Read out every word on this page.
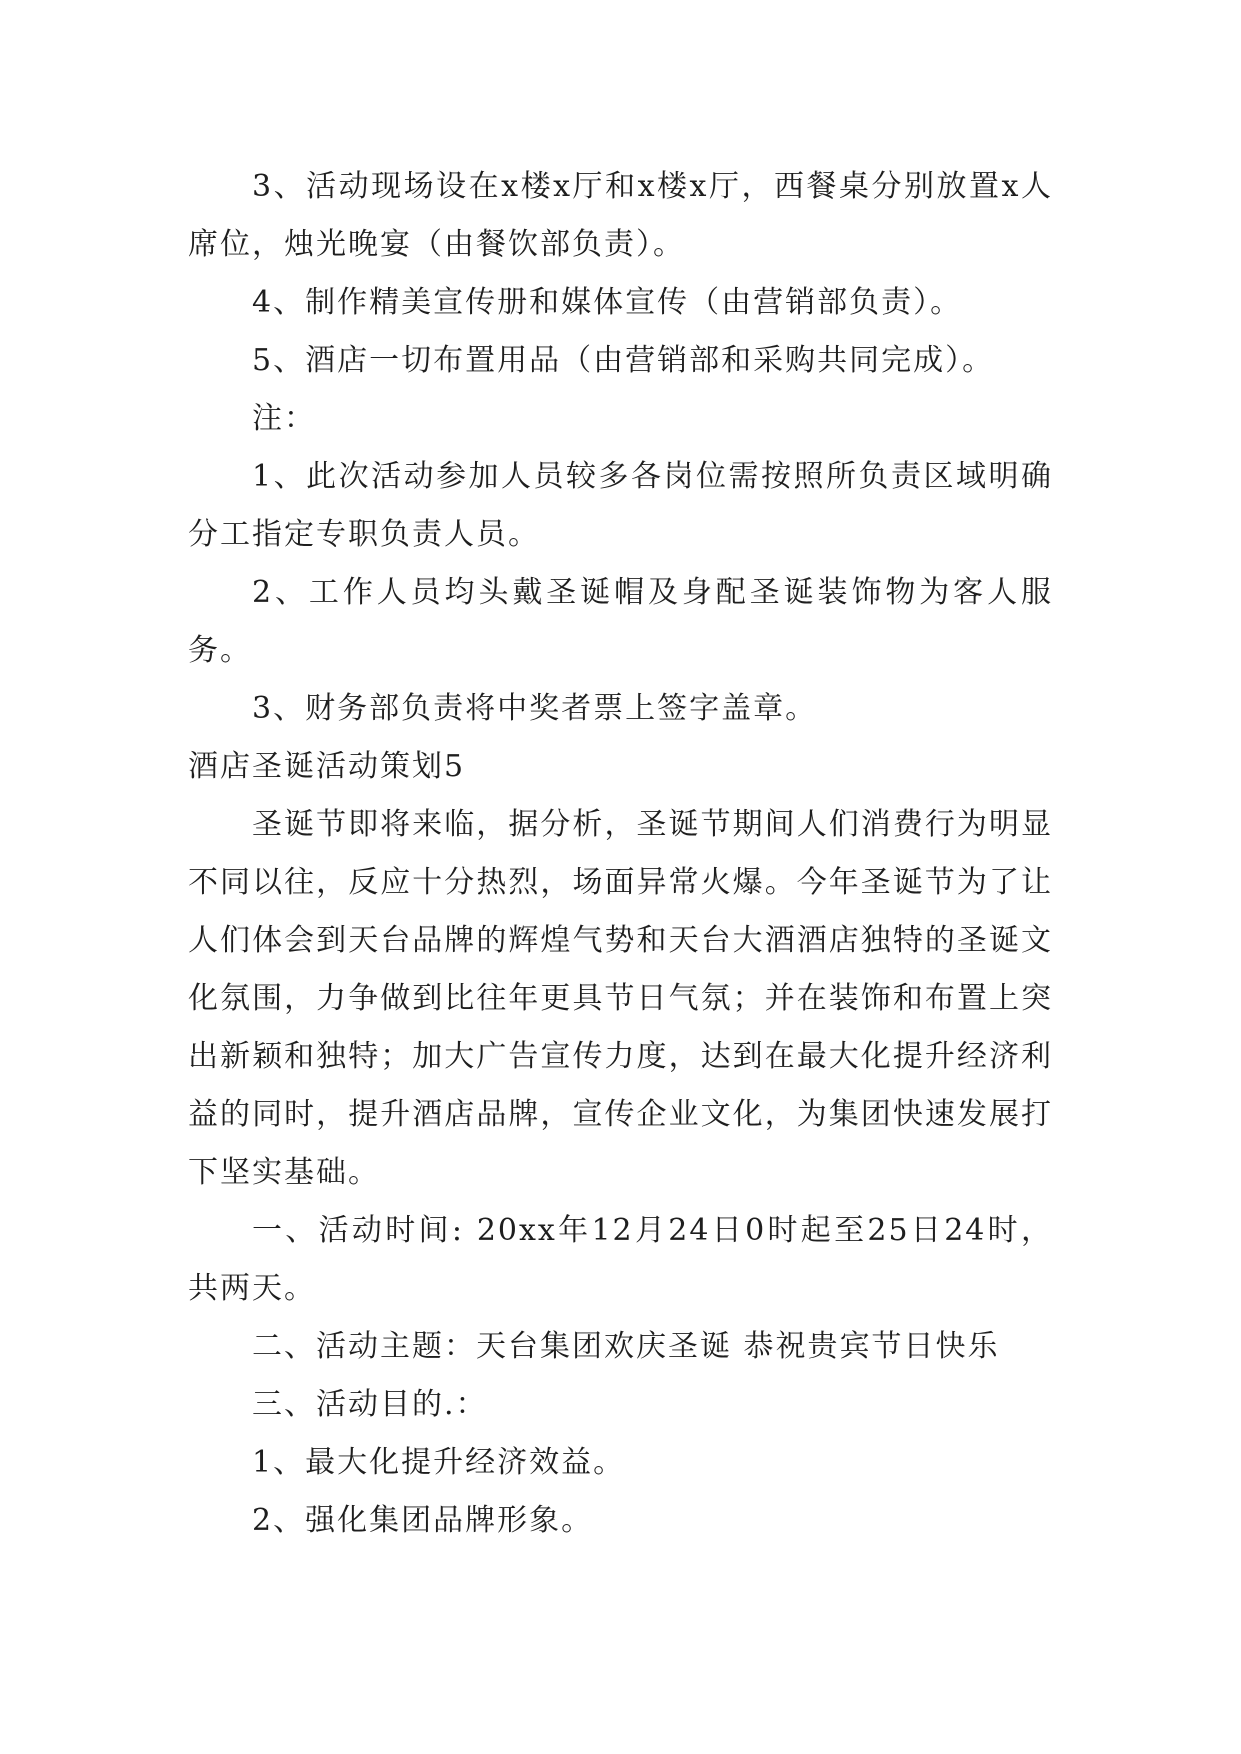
3、活动现场设在x楼x厅和x楼x厅，西餐桌分别放置x人席位，烛光晚宴（由餐饮部负责）。

4、制作精美宣传册和媒体宣传（由营销部负责）。

5、酒店一切布置用品（由营销部和采购共同完成）。

注：

1、此次活动参加人员较多各岗位需按照所负责区域明确分工指定专职负责人员。

2、工作人员均头戴圣诞帽及身配圣诞装饰物为客人服务。

3、财务部负责将中奖者票上签字盖章。

酒店圣诞活动策划5

圣诞节即将来临，据分析，圣诞节期间人们消费行为明显不同以往，反应十分热烈，场面异常火爆。今年圣诞节为了让人们体会到天台品牌的辉煌气势和天台大酒酒店独特的圣诞文化氛围，力争做到比往年更具节日气氛；并在装饰和布置上突出新颖和独特；加大广告宣传力度，达到在最大化提升经济利益的同时，提升酒店品牌，宣传企业文化，为集团快速发展打下坚实基础。

一、活动时间: 20xx年12月24日0时起至25日24时，共两天。

二、活动主题：天台集团欢庆圣诞 恭祝贵宾节日快乐

三、活动目的.：

1、最大化提升经济效益。

2、强化集团品牌形象。
